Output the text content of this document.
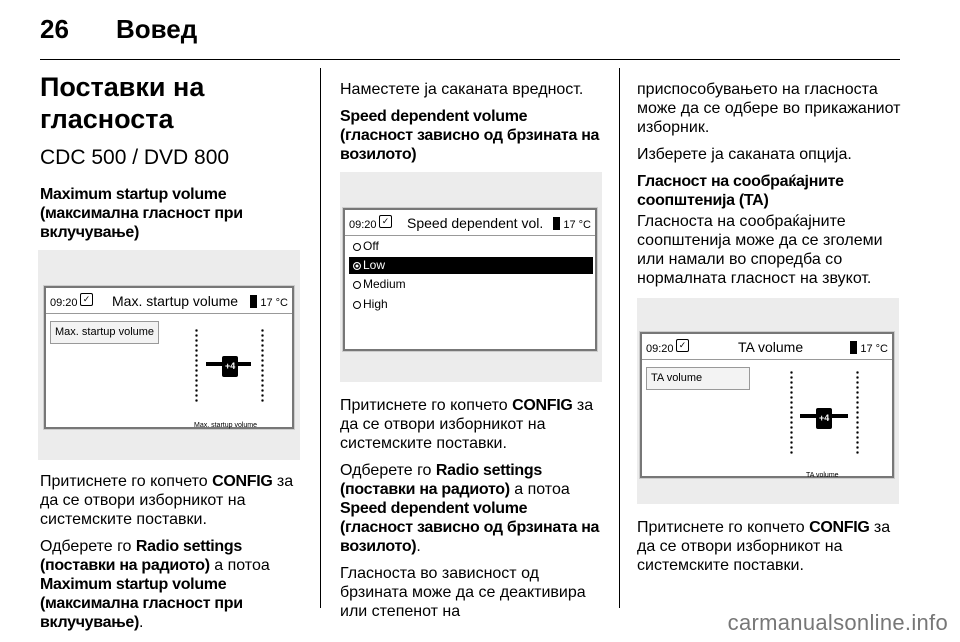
26 Вовед
Поставки на гласноста
CDC 500 / DVD 800
Maximum startup volume (максимална гласност при вклучување)
09:20 ✓ Max. startup volume	17 °C
Max. startup volume
+4
Max. startup volume

Притиснете го копчето CONFIG за да се отвори изборникот на системските поставки.

Одберете го Radio settings (поставки на радиото) а потоа Maximum startup volume (максимална гласност при вклучување).

Наместете ја саканата вредност.

Speed dependent volume (гласност зависно од брзината на возилото)
09:20 ✓ Speed dependent vol.	17 °C
Off
Low
Medium
High

Притиснете го копчето CONFIG за да се отвори изборникот на системските поставки.

Одберете го Radio settings (поставки на радиото) а потоа Speed dependent volume (гласност зависно од брзината на возилото).

Гласноста во зависност од брзината може да се деактивира или степенот на

приспособувањето на гласноста може да се одбере во прикажаниот изборник.

Изберете ја саканата опција.

Гласност на сообраќајните соопштенија (TA)

Гласноста на сообраќајните соопштенија може да се зголеми или намали во споредба со нормалната гласност на звукот.

09:20 ✓	TA volume	17 °C
TA volume
+4
TA volume

Притиснете го копчето CONFIG за да се отвори изборникот на системските поставки.

carmanualsonline.info
